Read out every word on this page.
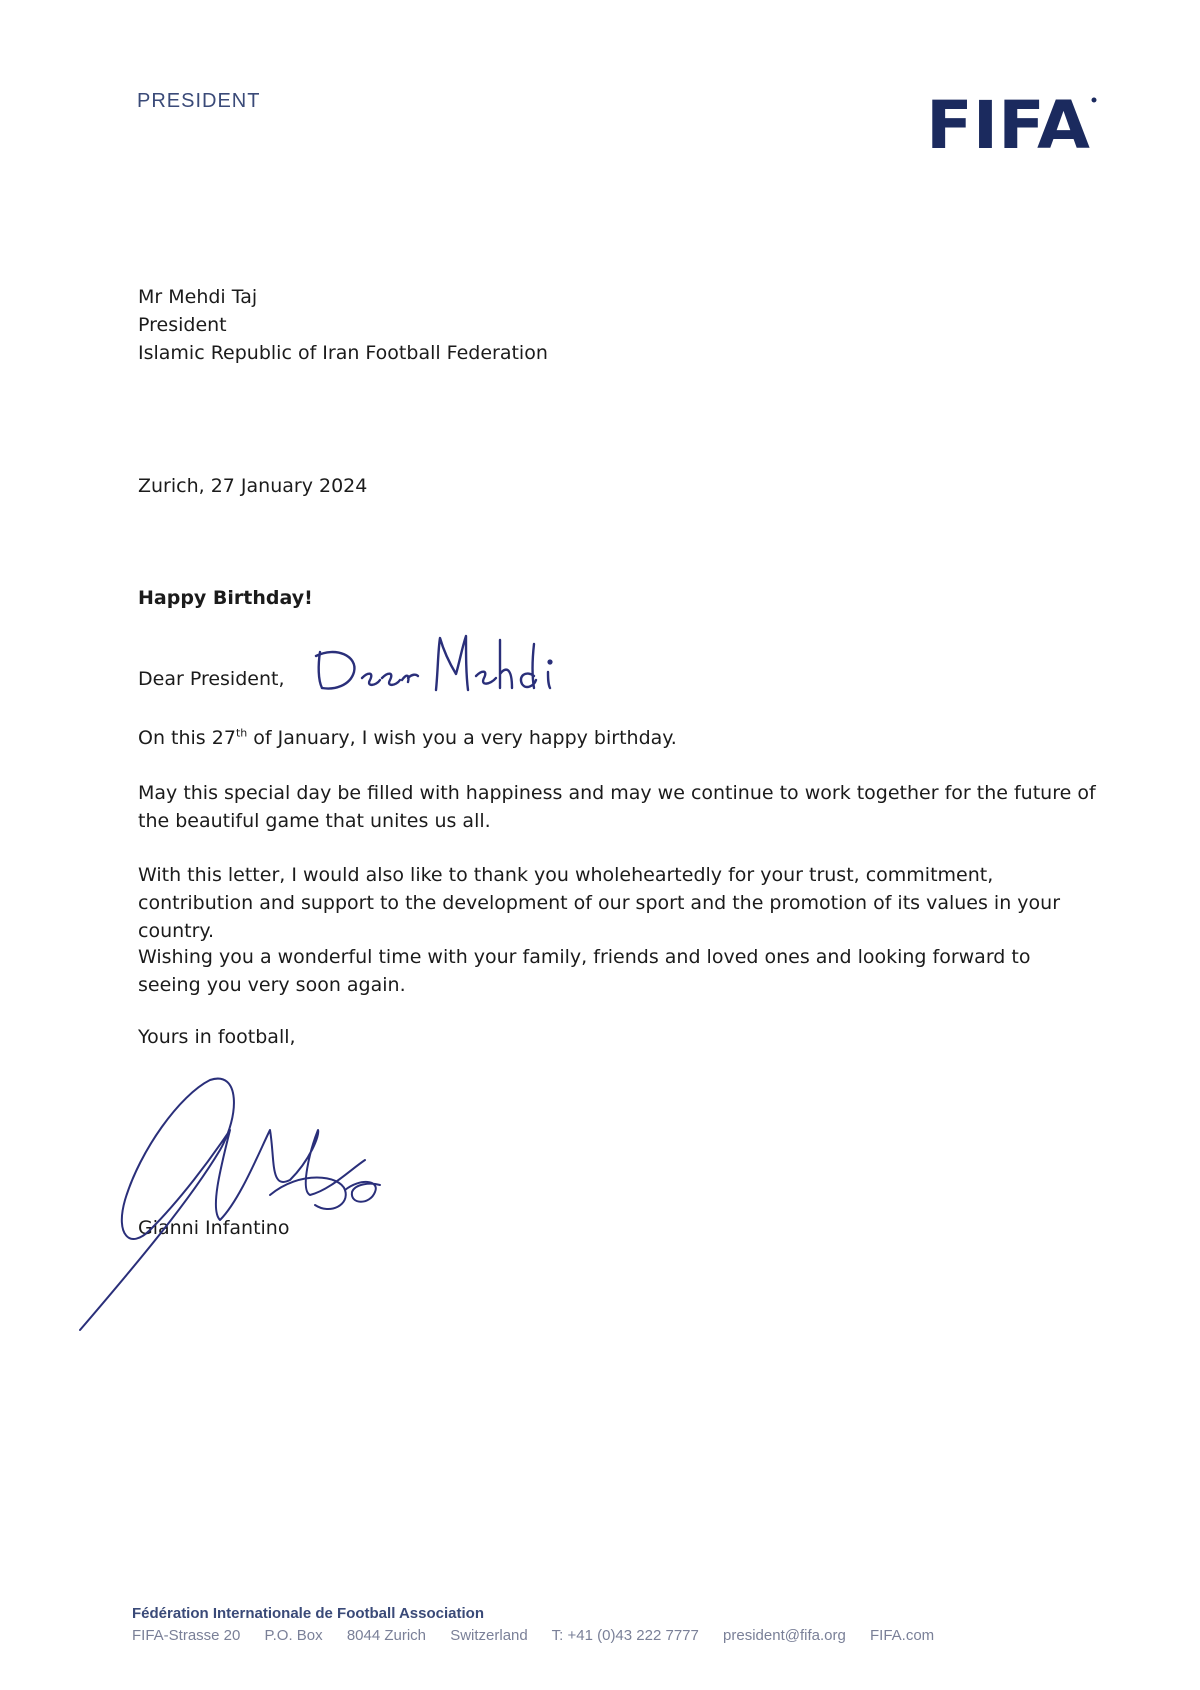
PRESIDENT	FIFA
Mr Mehdi Taj
President
Islamic Republic of Iran Football Federation
Zurich, 27 January 2024
Happy Birthday!
Dear President,
On this 27th of January, I wish you a very happy birthday.
May this special day be filled with happiness and may we continue to work together for the future of the beautiful game that unites us all.
With this letter, I would also like to thank you wholeheartedly for your trust, commitment, contribution and support to the development of our sport and the promotion of its values in your country.
Wishing you a wonderful time with your family, friends and loved ones and looking forward to seeing you very soon again.
Yours in football,
Gianni Infantino
Fédération Internationale de Football Association
FIFA-Strasse 20 P.O. Box 8044 Zurich Switzerland T: +41 (0)43 222 7777 president@fifa.org FIFA.com
